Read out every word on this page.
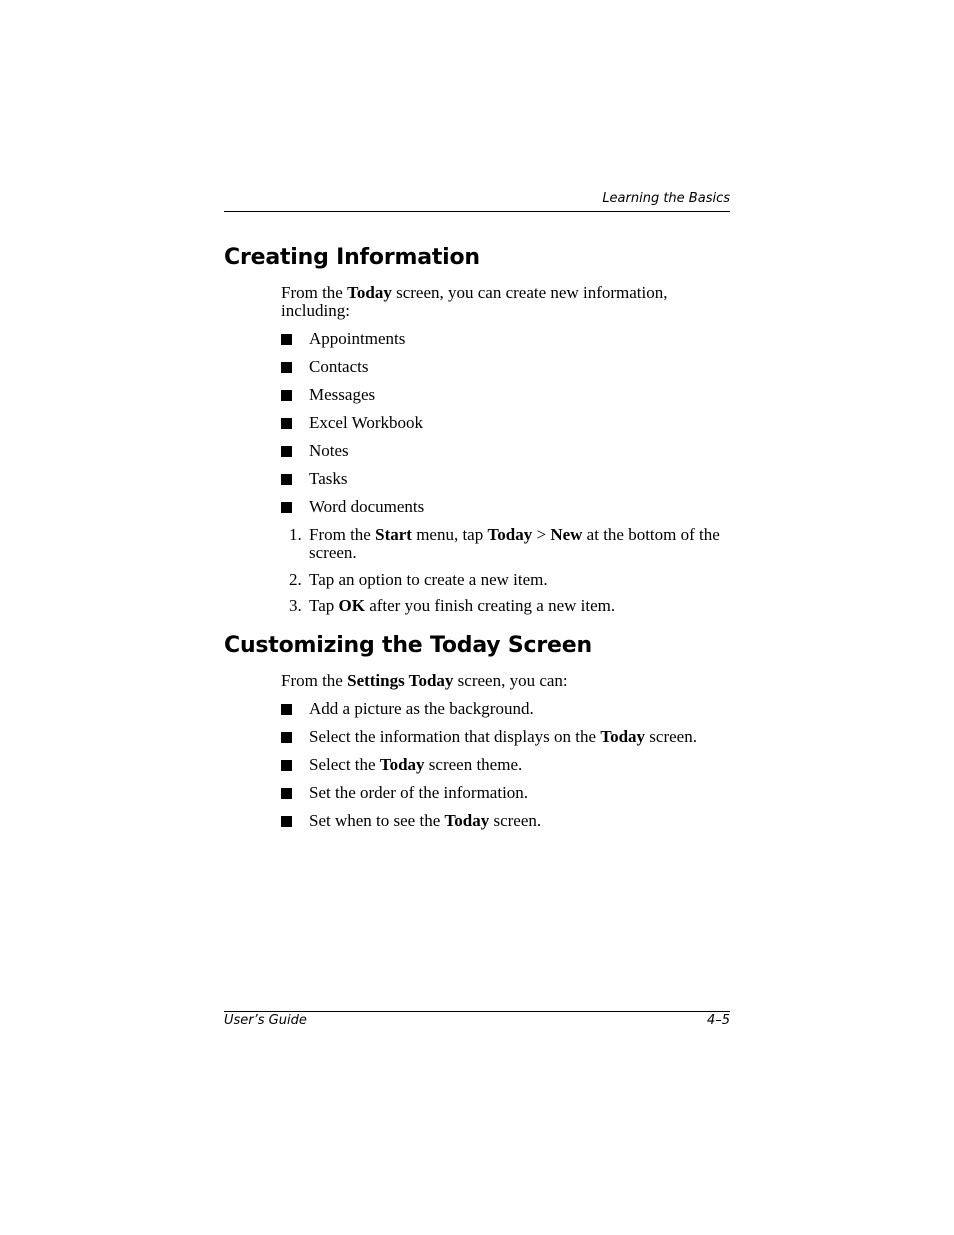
Learning the Basics
Creating Information
From the Today screen, you can create new information, including:
Appointments
Contacts
Messages
Excel Workbook
Notes
Tasks
Word documents
1. From the Start menu, tap Today > New at the bottom of the screen.
2. Tap an option to create a new item.
3. Tap OK after you finish creating a new item.
Customizing the Today Screen
From the Settings Today screen, you can:
Add a picture as the background.
Select the information that displays on the Today screen.
Select the Today screen theme.
Set the order of the information.
Set when to see the Today screen.
User’s Guide	4–5
